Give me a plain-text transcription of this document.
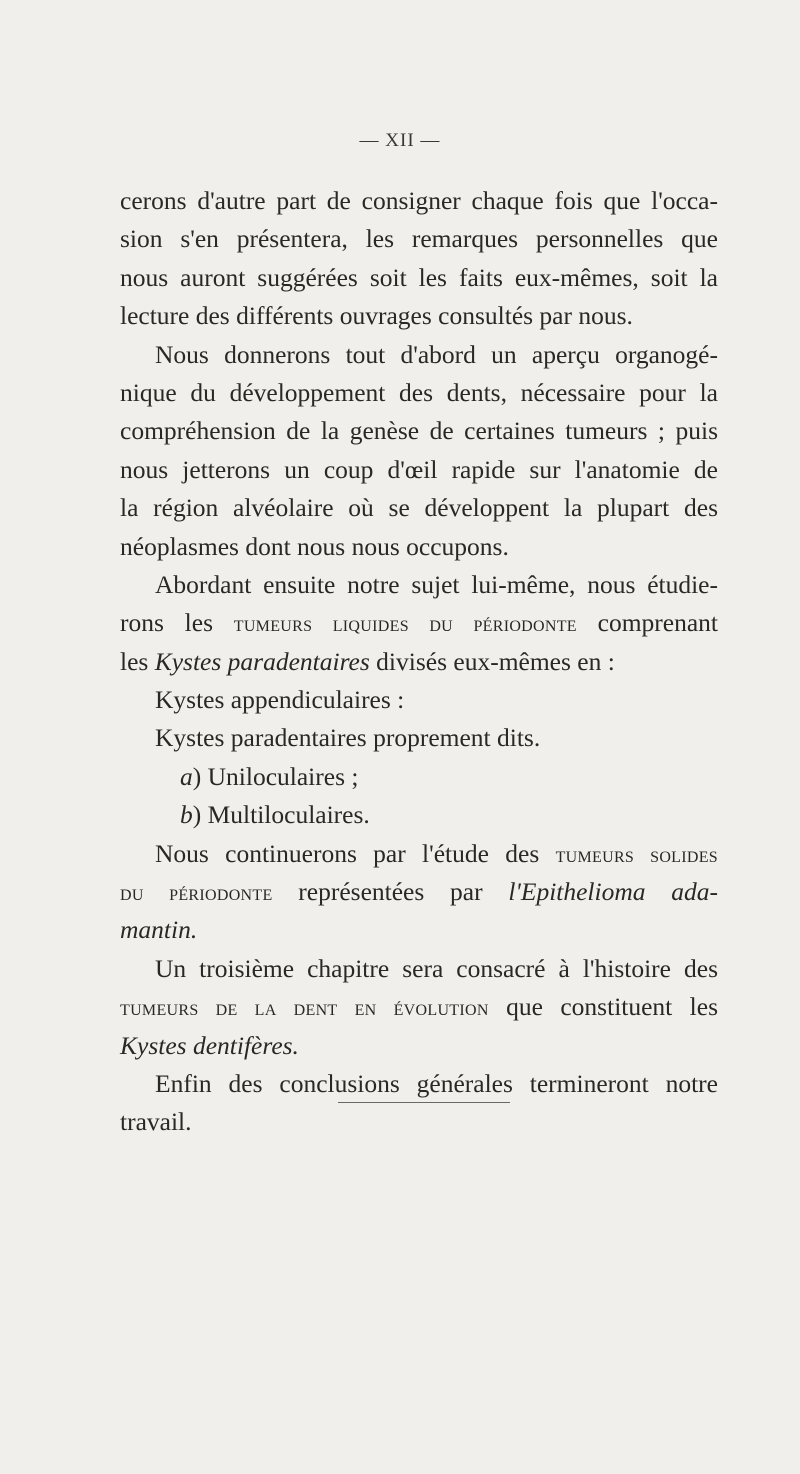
— XII —
cerons d'autre part de consigner chaque fois que l'occa-
sion s'en présentera, les remarques personnelles que
nous auront suggérées soit les faits eux-mêmes, soit la
lecture des différents ouvrages consultés par nous.
Nous donnerons tout d'abord un aperçu organogé-
nique du développement des dents, nécessaire pour la
compréhension de la genèse de certaines tumeurs ; puis
nous jetterons un coup d'œil rapide sur l'anatomie de
la région alvéolaire où se développent la plupart des
néoplasmes dont nous nous occupons.
Abordant ensuite notre sujet lui-même, nous étudie-
rons les tumeurs liquides du périodonte comprenant
les Kystes paradentaires divisés eux-mêmes en :
Kystes appendiculaires :
Kystes paradentaires proprement dits.
a) Uniloculaires ;
b) Multiloculaires.
Nous continuerons par l'étude des tumeurs solides
du périodonte représentées par l'Epithelioma ada-
mantin.
Un troisième chapitre sera consacré à l'histoire des
tumeurs de la dent en évolution que constituent les
Kystes dentifères.
Enfin des conclusions générales termineront notre
travail.
